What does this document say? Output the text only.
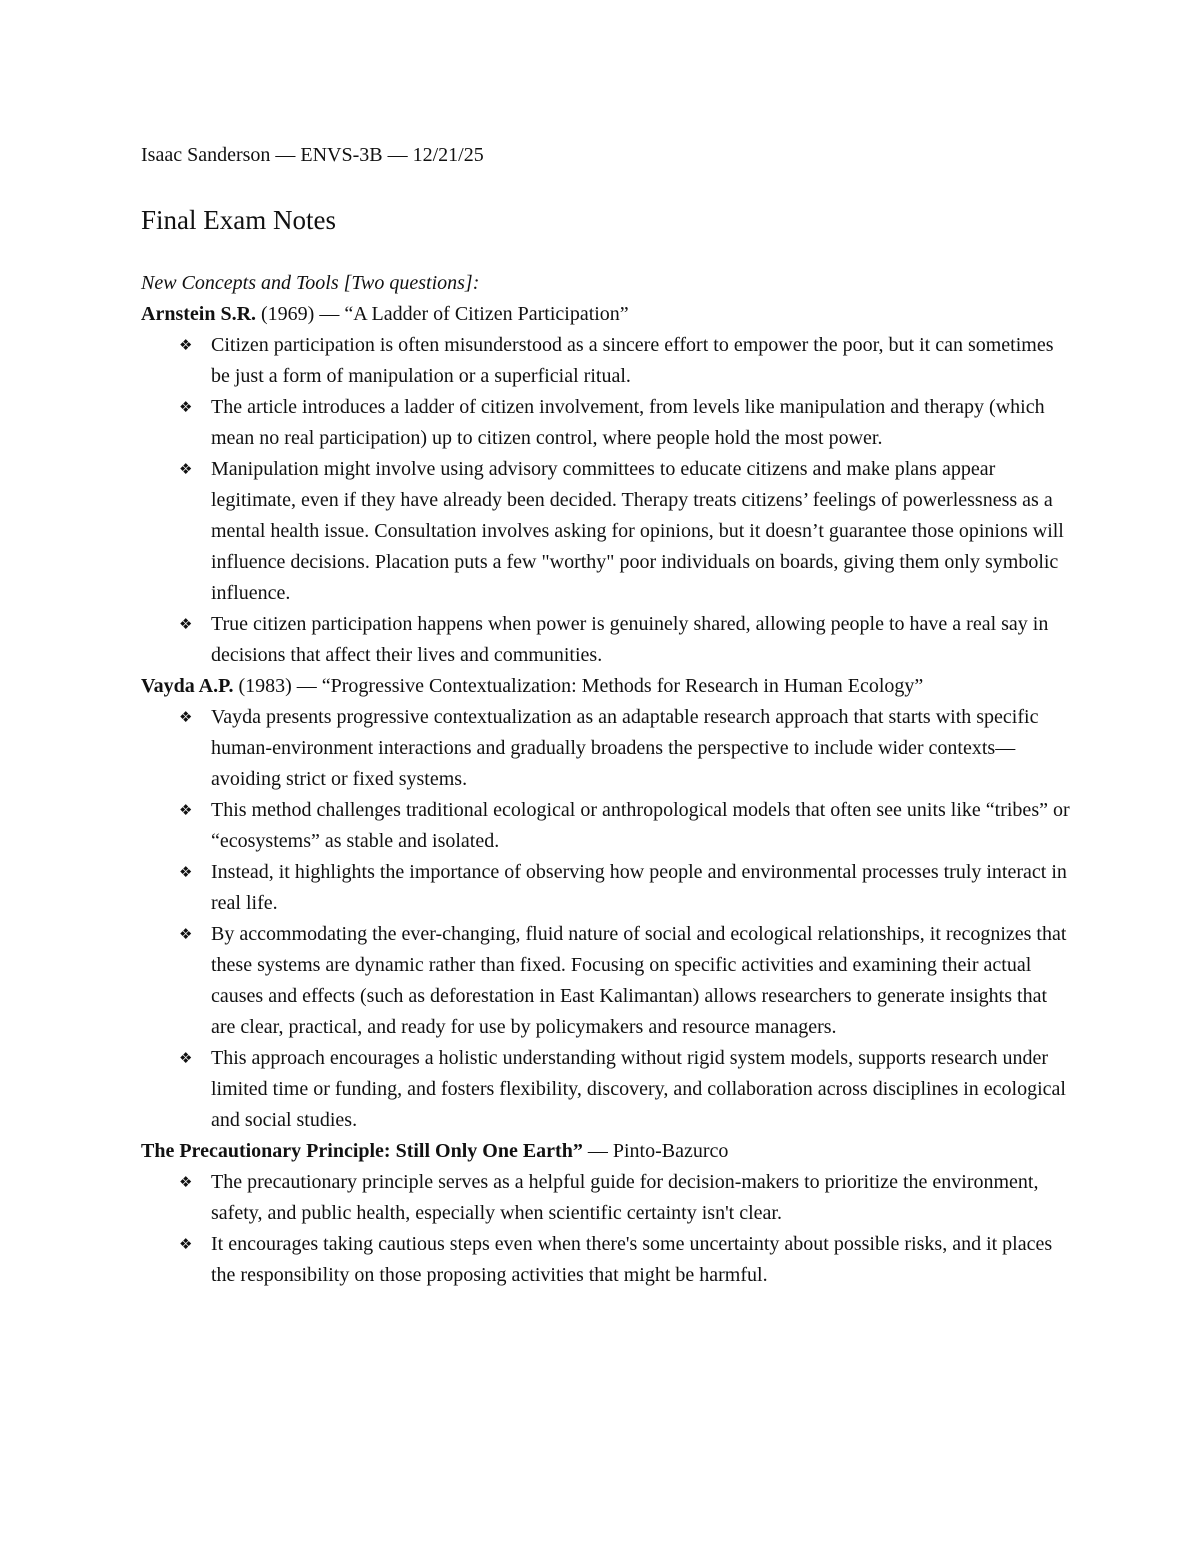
Isaac Sanderson — ENVS-3B — 12/21/25

Final Exam Notes

New Concepts and Tools [Two questions]:

Arnstein S.R. (1969) — “A Ladder of Citizen Participation”

❖ Citizen participation is often misunderstood as a sincere effort to empower the poor, but it can sometimes be just a form of manipulation or a superficial ritual.
❖ The article introduces a ladder of citizen involvement, from levels like manipulation and therapy (which mean no real participation) up to citizen control, where people hold the most power.
❖ Manipulation might involve using advisory committees to educate citizens and make plans appear legitimate, even if they have already been decided. Therapy treats citizens’ feelings of powerlessness as a mental health issue. Consultation involves asking for opinions, but it doesn’t guarantee those opinions will influence decisions. Placation puts a few "worthy" poor individuals on boards, giving them only symbolic influence.
❖ True citizen participation happens when power is genuinely shared, allowing people to have a real say in decisions that affect their lives and communities.

Vayda A.P. (1983) — “Progressive Contextualization: Methods for Research in Human Ecology”

❖ Vayda presents progressive contextualization as an adaptable research approach that starts with specific human-environment interactions and gradually broadens the perspective to include wider contexts—avoiding strict or fixed systems.
❖ This method challenges traditional ecological or anthropological models that often see units like “tribes” or “ecosystems” as stable and isolated.
❖ Instead, it highlights the importance of observing how people and environmental processes truly interact in real life.
❖ By accommodating the ever-changing, fluid nature of social and ecological relationships, it recognizes that these systems are dynamic rather than fixed. Focusing on specific activities and examining their actual causes and effects (such as deforestation in East Kalimantan) allows researchers to generate insights that are clear, practical, and ready for use by policymakers and resource managers.
❖ This approach encourages a holistic understanding without rigid system models, supports research under limited time or funding, and fosters flexibility, discovery, and collaboration across disciplines in ecological and social studies.

The Precautionary Principle: Still Only One Earth” — Pinto-Bazurco

❖ The precautionary principle serves as a helpful guide for decision-makers to prioritize the environment, safety, and public health, especially when scientific certainty isn't clear.
❖ It encourages taking cautious steps even when there's some uncertainty about possible risks, and it places the responsibility on those proposing activities that might be harmful.
